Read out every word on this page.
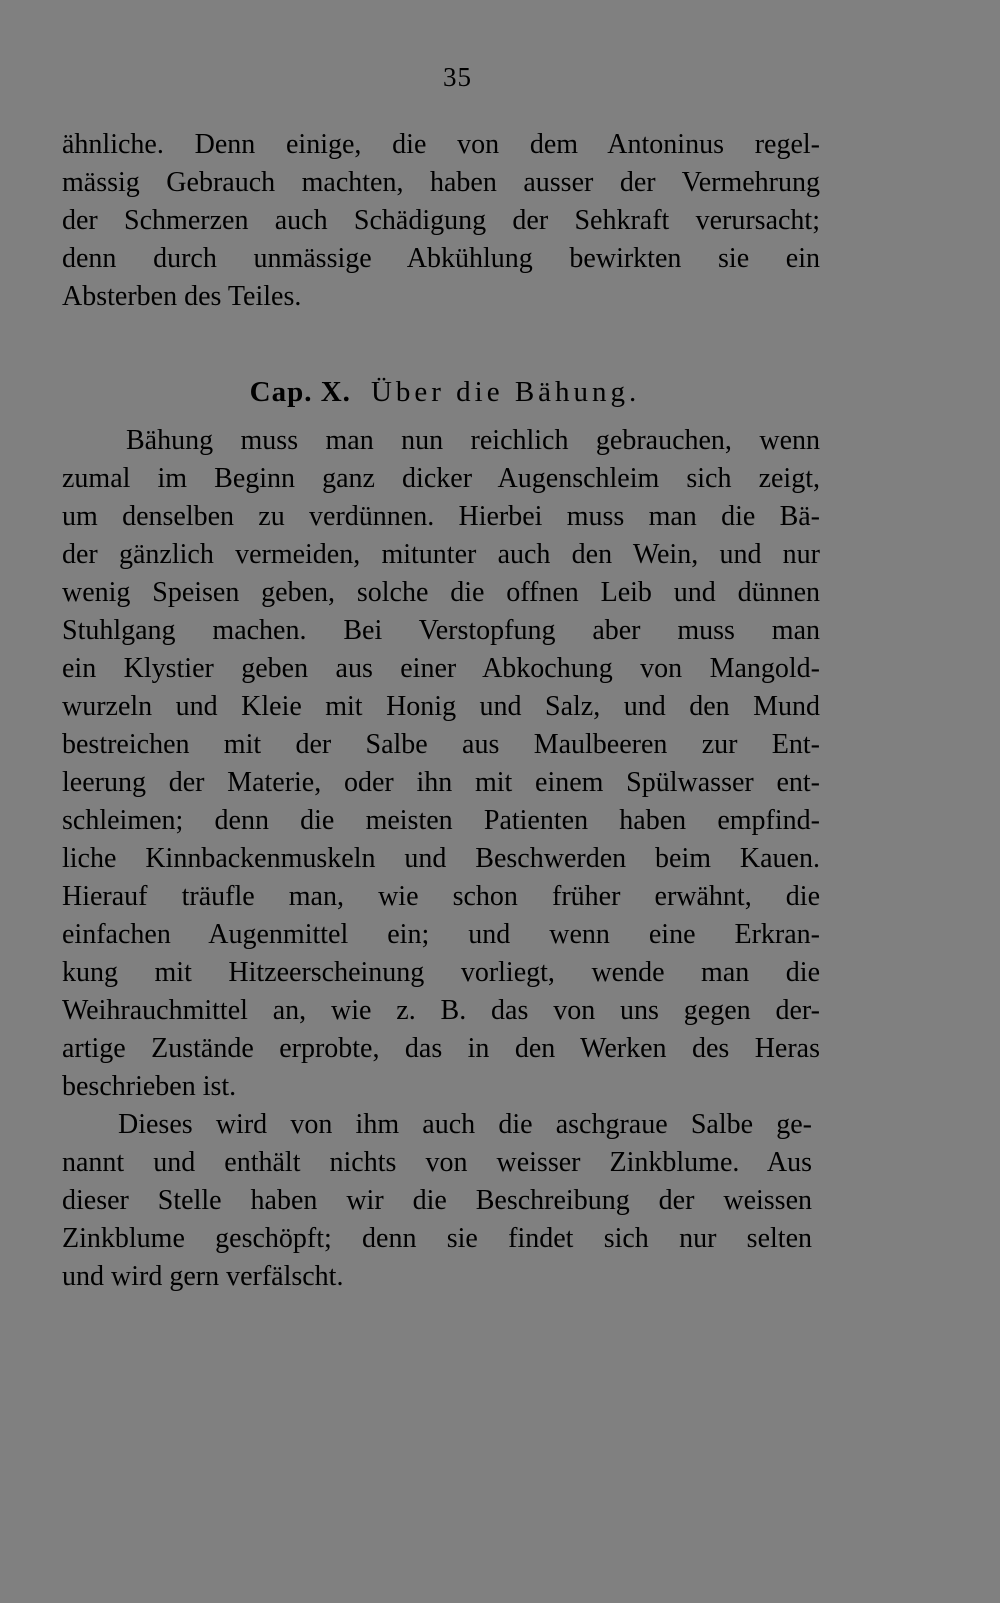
35
ähnliche. Denn einige, die von dem Antoninus regel-
mässig Gebrauch machten, haben ausser der Vermehrung
der Schmerzen auch Schädigung der Sehkraft verursacht;
denn durch unmässige Abkühlung bewirkten sie ein
Absterben des Teiles.
Cap. X. Über die Bähung.
Bähung muss man nun reichlich gebrauchen, wenn
zumal im Beginn ganz dicker Augenschleim sich zeigt,
um denselben zu verdünnen. Hierbei muss man die Bä-
der gänzlich vermeiden, mitunter auch den Wein, und nur
wenig Speisen geben, solche die offnen Leib und dünnen
Stuhlgang machen. Bei Verstopfung aber muss man
ein Klystier geben aus einer Abkochung von Mangold-
wurzeln und Kleie mit Honig und Salz, und den Mund
bestreichen mit der Salbe aus Maulbeeren zur Ent-
leerung der Materie, oder ihn mit einem Spülwasser ent-
schleimen; denn die meisten Patienten haben empfind-
liche Kinnbackenmuskeln und Beschwerden beim Kauen.
Hierauf träufle man, wie schon früher erwähnt, die
einfachen Augenmittel ein; und wenn eine Erkran-
kung mit Hitzeerscheinung vorliegt, wende man die
Weihrauchmittel an, wie z. B. das von uns gegen der-
artige Zustände erprobte, das in den Werken des Heras
beschrieben ist.
Dieses wird von ihm auch die aschgraue Salbe ge-
nannt und enthält nichts von weisser Zinkblume. Aus
dieser Stelle haben wir die Beschreibung der weissen
Zinkblume geschöpft; denn sie findet sich nur selten
und wird gern verfälscht.
